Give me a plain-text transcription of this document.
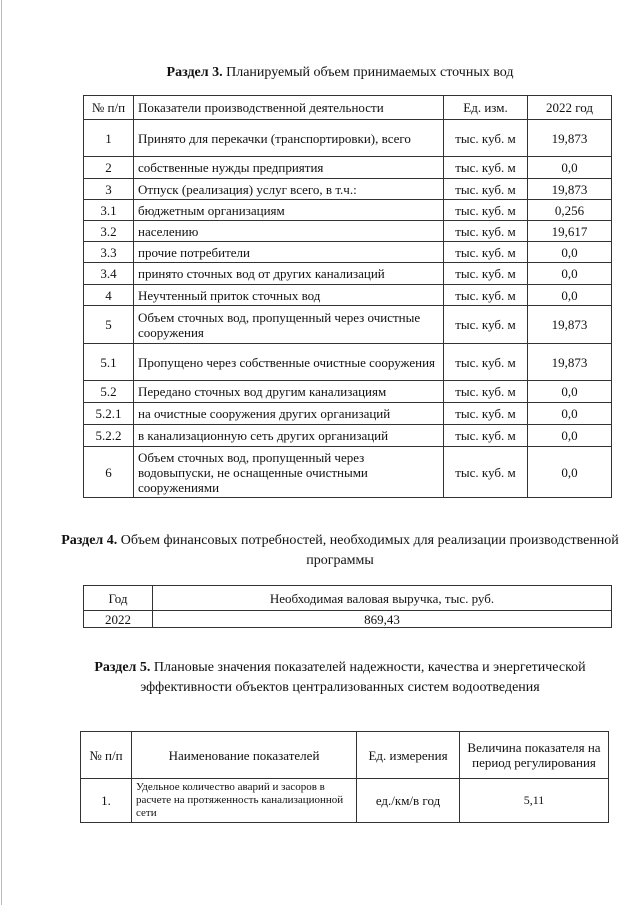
Раздел 3. Планируемый объем принимаемых сточных вод
№ п/п	Показатели производственной деятельности	Ед. изм.	2022 год
1	Принято для перекачки (транспортировки), всего	тыс. куб. м	19,873
2	собственные нужды предприятия	тыс. куб. м	0,0
3	Отпуск (реализация) услуг всего, в т.ч.:	тыс. куб. м	19,873
3.1	бюджетным организациям	тыс. куб. м	0,256
3.2	населению	тыс. куб. м	19,617
3.3	прочие потребители	тыс. куб. м	0,0
3.4	принято сточных вод от других канализаций	тыс. куб. м	0,0
4	Неучтенный приток сточных вод	тыс. куб. м	0,0
5	Объем сточных вод, пропущенный через очистные сооружения	тыс. куб. м	19,873
5.1	Пропущено через собственные очистные сооружения	тыс. куб. м	19,873
5.2	Передано сточных вод другим канализациям	тыс. куб. м	0,0
5.2.1	на очистные сооружения других организаций	тыс. куб. м	0,0
5.2.2	в канализационную сеть других организаций	тыс. куб. м	0,0
6	Объем сточных вод, пропущенный через водовыпуски, не оснащенные очистными сооружениями	тыс. куб. м	0,0
Раздел 4. Объем финансовых потребностей, необходимых для реализации производственной программы
Год	Необходимая валовая выручка, тыс. руб.
2022	869,43
Раздел 5. Плановые значения показателей надежности, качества и энергетической эффективности объектов централизованных систем водоотведения
№ п/п	Наименование показателей	Ед. измерения	Величина показателя на период регулирования
1.	Удельное количество аварий и засоров в расчете на протяженность канализационной сети	ед./км/в год	5,11
